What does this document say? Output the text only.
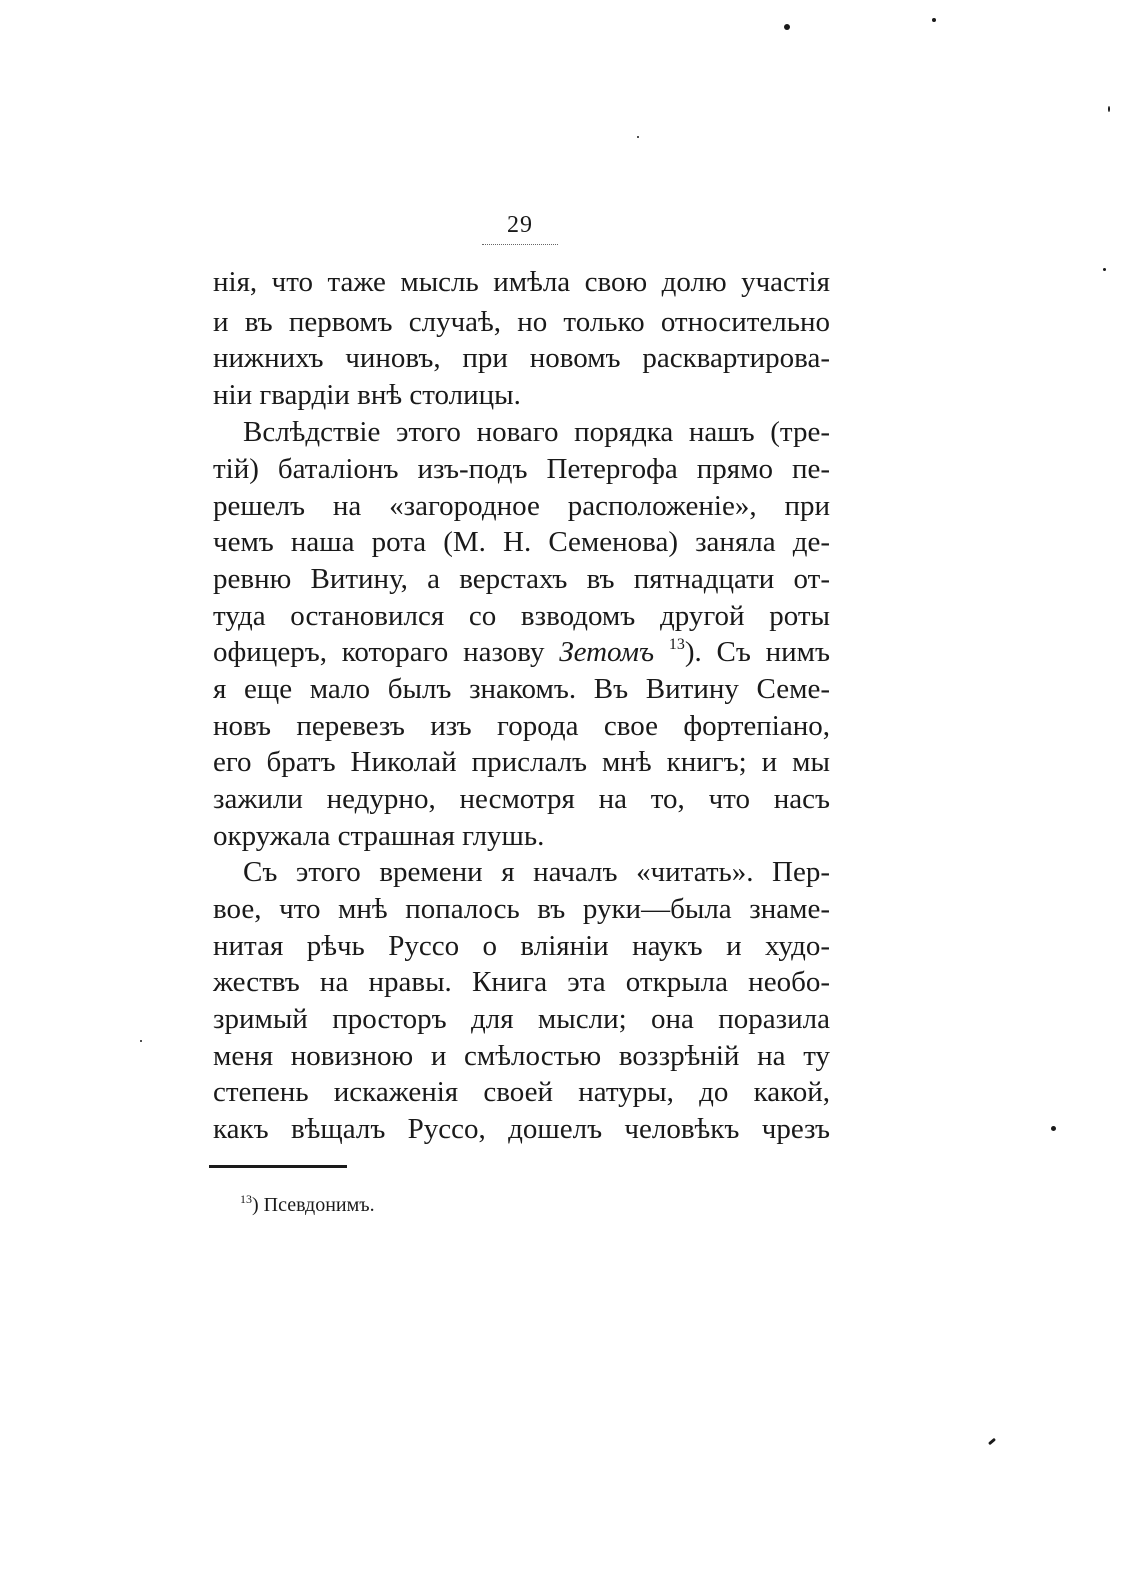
29
нія, что таже мысль имѣла свою долю участія
и въ первомъ случаѣ, но только относительно
нижнихъ чиновъ, при новомъ расквартирова-
ніи гвардіи внѣ столицы.
Вслѣдствіе этого новаго порядка нашъ (тре-
тій) баталіонъ изъ-подъ Петергофа прямо пе-
решелъ на «загородное расположеніе», при
чемъ наша рота (М. Н. Семенова) заняла де-
ревню Витину, а верстахъ въ пятнадцати от-
туда остановился со взводомъ другой роты
офицеръ, котораго назову Зетомъ $^{13}$). Съ нимъ
я еще мало былъ знакомъ. Въ Витину Семе-
новъ перевезъ изъ города свое фортепіано,
его братъ Николай прислалъ мнѣ книгъ; и мы
зажили недурно, несмотря на то, что насъ
окружала страшная глушь.
Съ этого времени я началъ «читать». Пер-
вое, что мнѣ попалось въ руки—была знаме-
нитая рѣчь Руссо о вліяніи наукъ и худо-
жествъ на нравы. Книга эта открыла необо-
зримый просторъ для мысли; она поразила
меня новизною и смѣлостью воззрѣній на ту
степень искаженія своей натуры, до какой,
какъ вѣщалъ Руссо, дошелъ человѣкъ чрезъ
$^{13}$) Псевдонимъ.
